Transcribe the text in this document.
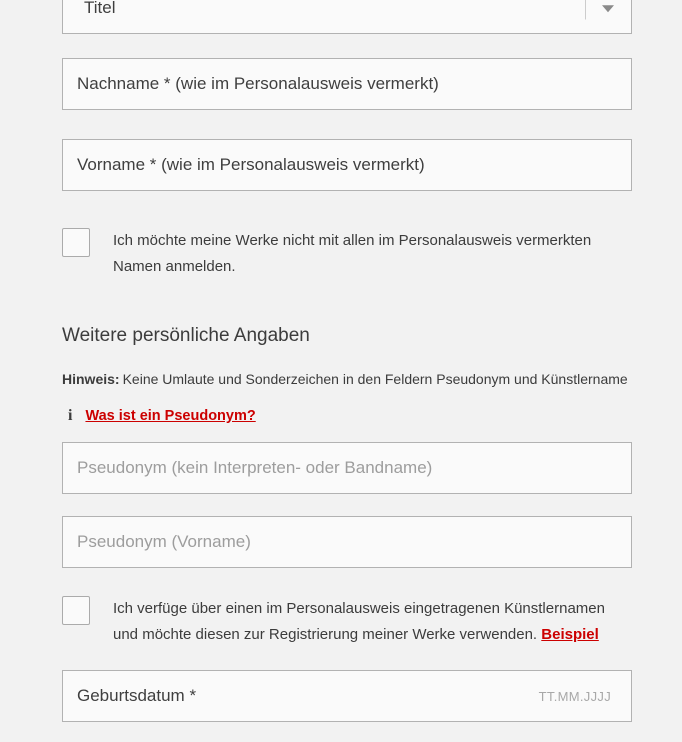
Titel
Nachname * (wie im Personalausweis vermerkt)
Vorname * (wie im Personalausweis vermerkt)
Ich möchte meine Werke nicht mit allen im Personalausweis vermerkten Namen anmelden.
Weitere persönliche Angaben

Hinweis: Keine Umlaute und Sonderzeichen in den Feldern Pseudonym und Künstlername

i Was ist ein Pseudonym?
Pseudonym (kein Interpreten- oder Bandname)
Pseudonym (Vorname)
Ich verfüge über einen im Personalausweis eingetragenen Künstlernamen und möchte diesen zur Registrierung meiner Werke verwenden. Beispiel
Geburtsdatum *
TT.MM.JJJJ
